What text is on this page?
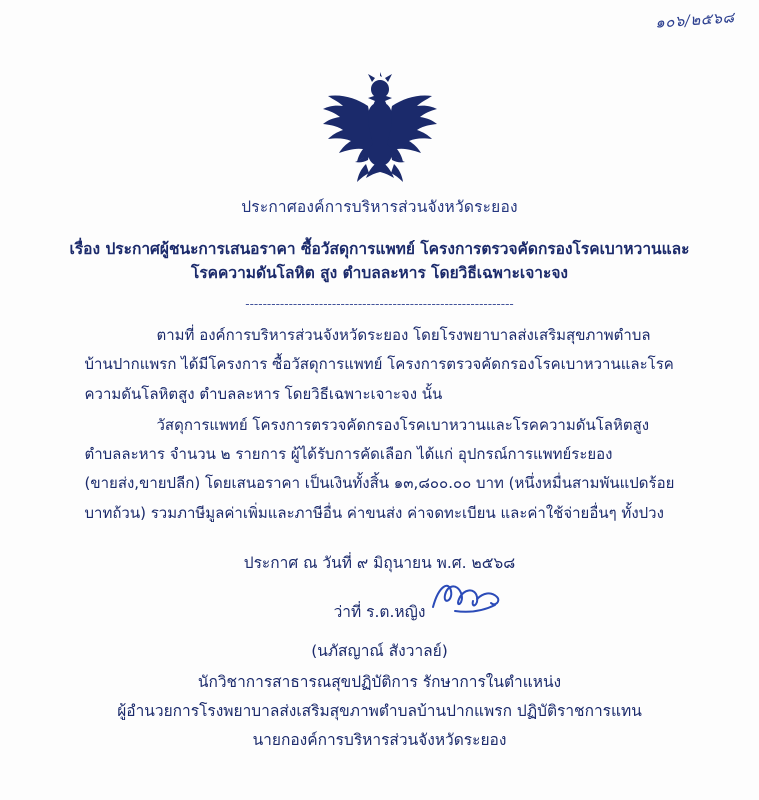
๑๐๖/๒๕๖๘
ประกาศองค์การบริหารส่วนจังหวัดระยอง
เรื่อง ประกาศผู้ชนะการเสนอราคา ซื้อวัสดุการแพทย์ โครงการตรวจคัดกรองโรคเบาหวานและโรคความดันโลหิต สูง ตำบลละหาร โดยวิธีเฉพาะเจาะจง
--------------------------------------------------------------
ตามที่ องค์การบริหารส่วนจังหวัดระยอง โดยโรงพยาบาลส่งเสริมสุขภาพตำบลบ้านปากแพรก ได้มีโครงการ ซื้อวัสดุการแพทย์ โครงการตรวจคัดกรองโรคเบาหวานและโรคความดันโลหิตสูง ตำบลละหาร โดยวิธีเฉพาะเจาะจง นั้น
วัสดุการแพทย์ โครงการตรวจคัดกรองโรคเบาหวานและโรคความดันโลหิตสูง ตำบลละหาร จำนวน ๒ รายการ ผู้ได้รับการคัดเลือก ได้แก่ อุปกรณ์การแพทย์ระยอง (ขายส่ง,ขายปลีก) โดยเสนอราคา เป็นเงินทั้งสิ้น ๑๓,๘๐๐.๐๐ บาท (หนึ่งหมื่นสามพันแปดร้อยบาทถ้วน) รวมภาษีมูลค่าเพิ่มและภาษีอื่น ค่าขนส่ง ค่าจดทะเบียน และค่าใช้จ่ายอื่นๆ ทั้งปวง
ประกาศ ณ วันที่ ๙ มิถุนายน พ.ศ. ๒๕๖๘
ว่าที่ ร.ต.หญิง
(นภัสญาณ์ สังวาลย์)
นักวิชาการสาธารณสุขปฏิบัติการ รักษาการในตำแหน่ง
ผู้อำนวยการโรงพยาบาลส่งเสริมสุขภาพตำบลบ้านปากแพรก ปฏิบัติราชการแทน
นายกองค์การบริหารส่วนจังหวัดระยอง
